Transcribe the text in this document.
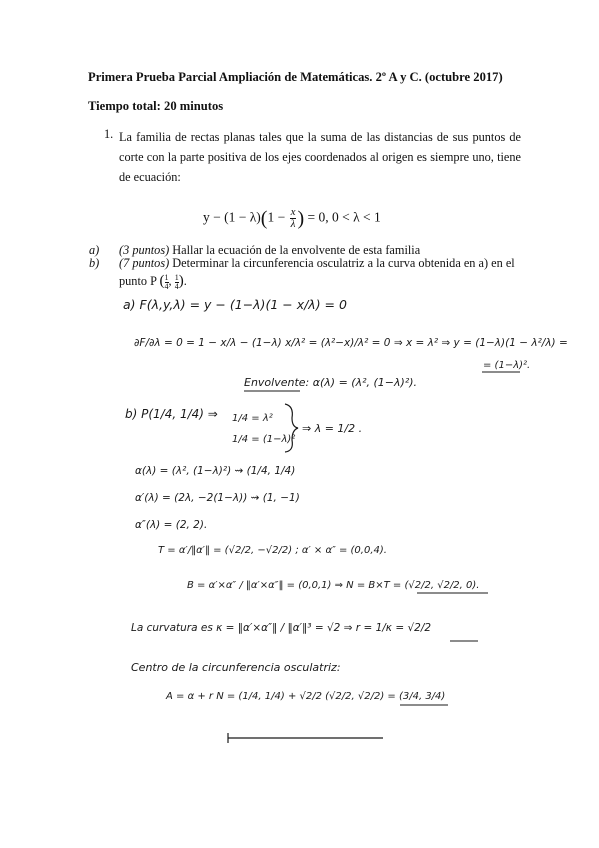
Primera Prueba Parcial Ampliación de Matemáticas. 2º A y C. (octubre 2017)
Tiempo total: 20 minutos
1. La familia de rectas planas tales que la suma de las distancias de sus puntos de corte con la parte positiva de los ejes coordenados al origen es siempre uno, tiene de ecuación:
$y - (1 - \lambda)(1 - \frac{x}{\lambda}$ ) = 0, 0 < λ < 1
a) (3 puntos) Hallar la ecuación de la envolvente de esta familia
b) (7 puntos) Determinar la circunferencia osculatriz a la curva obtenida en a) en el
punto P ( $\frac{1}{4}$ , $\frac{1}{4}$ ).
a) F(λ,y,λ) = y − (1−λ)(1 − x/λ) = 0
∂F/∂λ = 0 = 1 − x/λ − (1−λ) x/λ² = (λ²−x)/λ² = 0 ⇒ x = λ² ⇒ y = (1−λ)(1 − λ²/λ) =
= (1−λ)².
Envolvente: α(λ) = (λ², (1−λ)²).
b) P(1/4, 1/4) ⇒ 1/4 = λ²
1/4 = (1−λ)²
⇒ λ = 1/2 .
α(λ) = (λ², (1−λ)²) ⇝ (1/4, 1/4)
α′(λ) = (2λ, −2(1−λ)) ⇝ (1, −1)
α″(λ) = (2, 2).
T = α′/‖α′‖ = (√2/2, −√2/2) ; α′ × α″ = (0,0,4).
B = α′×α″ / ‖α′×α″‖ = (0,0,1) ⇒ N = B×T = (√2/2, √2/2, 0).
La curvatura es κ = ‖α′×α″‖ / ‖α′‖³ = √2 ⇒ r = 1/κ = √2/2
Centro de la circunferencia osculatriz:
A = α + r N = (1/4, 1/4) + √2/2 (√2/2, √2/2) = (3/4, 3/4)
